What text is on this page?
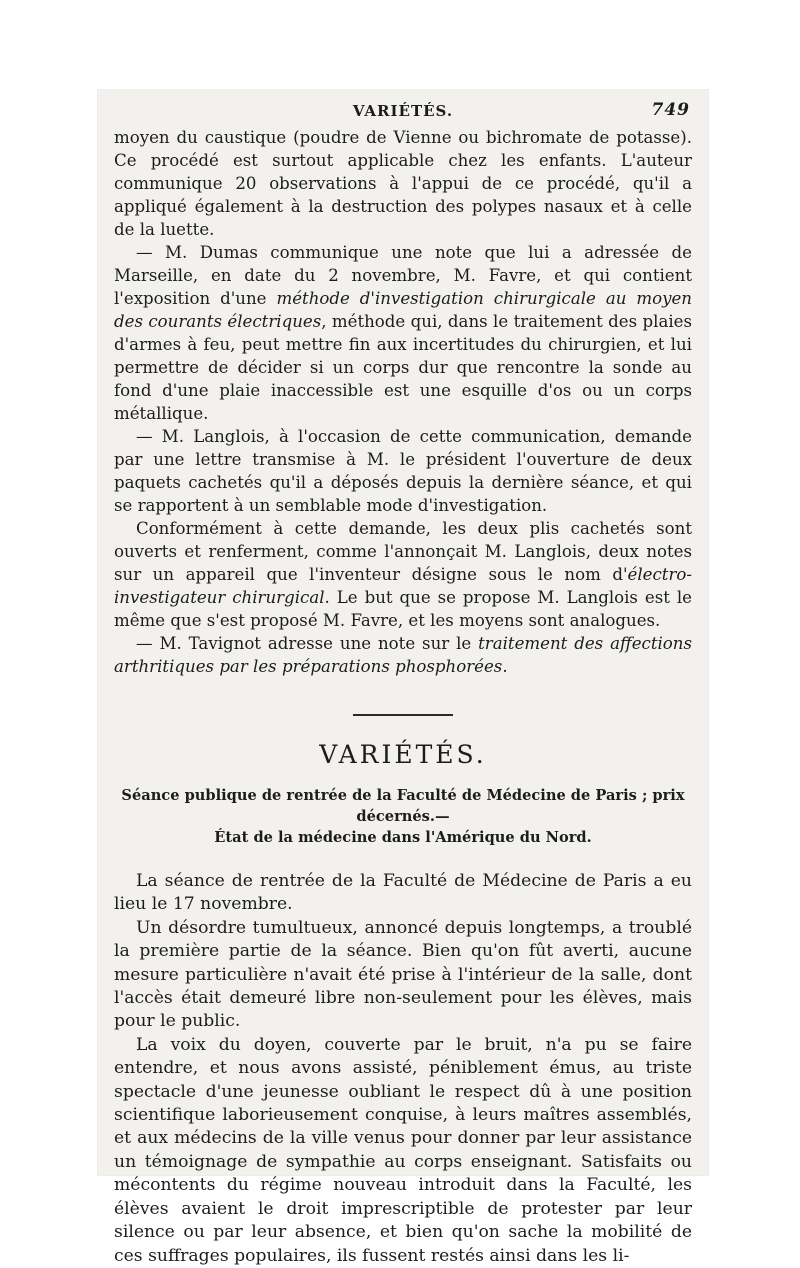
VARIÉTÉS.	749

moyen du caustique (poudre de Vienne ou bichromate de potasse). Ce procédé est surtout applicable chez les enfants. L'auteur communique 20 observations à l'appui de ce procédé, qu'il a appliqué également à la destruction des polypes nasaux et à celle de la luette.

— M. Dumas communique une note que lui a adressée de Marseille, en date du 2 novembre, M. Favre, et qui contient l'exposition d'une méthode d'investigation chirurgicale au moyen des courants électriques, méthode qui, dans le traitement des plaies d'armes à feu, peut mettre fin aux incertitudes du chirurgien, et lui permettre de décider si un corps dur que rencontre la sonde au fond d'une plaie inaccessible est une esquille d'os ou un corps métallique.

— M. Langlois, à l'occasion de cette communication, demande par une lettre transmise à M. le président l'ouverture de deux paquets cachetés qu'il a déposés depuis la dernière séance, et qui se rapportent à un semblable mode d'investigation.

Conformément à cette demande, les deux plis cachetés sont ouverts et renferment, comme l'annonçait M. Langlois, deux notes sur un appareil que l'inventeur désigne sous le nom d'électro-investigateur chirurgical. Le but que se propose M. Langlois est le même que s'est proposé M. Favre, et les moyens sont analogues.

— M. Tavignot adresse une note sur le traitement des affections arthritiques par les préparations phosphorées.

VARIÉTÉS.
Séance publique de rentrée de la Faculté de Médecine de Paris ; prix décernés.—
État de la médecine dans l'Amérique du Nord.

La séance de rentrée de la Faculté de Médecine de Paris a eu lieu le 17 novembre.

Un désordre tumultueux, annoncé depuis longtemps, a troublé la première partie de la séance. Bien qu'on fût averti, aucune mesure particulière n'avait été prise à l'intérieur de la salle, dont l'accès était demeuré libre non-seulement pour les élèves, mais pour le public.

La voix du doyen, couverte par le bruit, n'a pu se faire entendre, et nous avons assisté, péniblement émus, au triste spectacle d'une jeunesse oubliant le respect dû à une position scientifique laborieusement conquise, à leurs maîtres assemblés, et aux médecins de la ville venus pour donner par leur assistance un témoignage de sympathie au corps enseignant. Satisfaits ou mécontents du régime nouveau introduit dans la Faculté, les élèves avaient le droit imprescriptible de protester par leur silence ou par leur absence, et bien qu'on sache la mobilité de ces suffrages populaires, ils fussent restés ainsi dans les li-
